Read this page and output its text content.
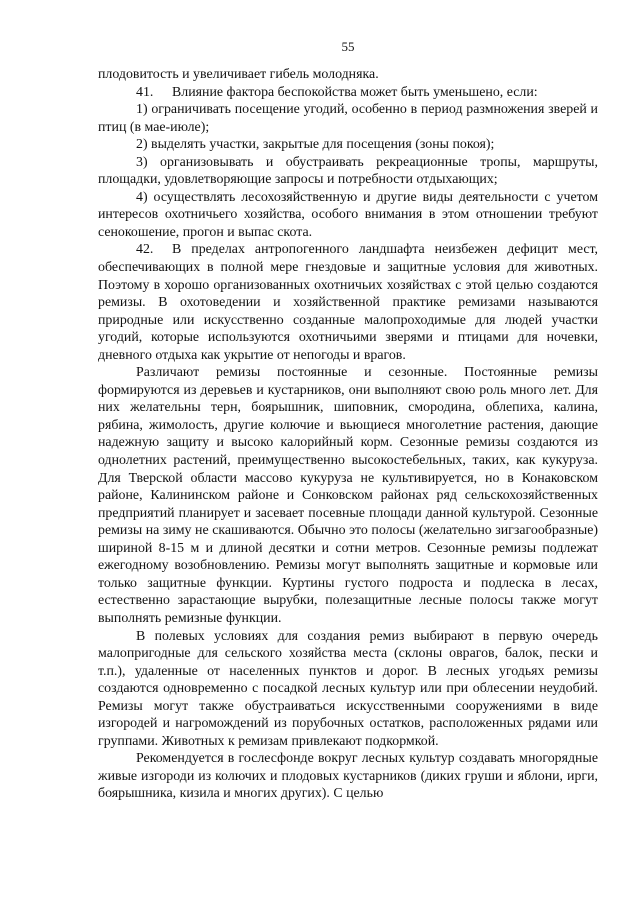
55

плодовитость и увеличивает гибель молодняка.

41. Влияние фактора беспокойства может быть уменьшено, если:

1) ограничивать посещение угодий, особенно в период размножения зверей и птиц (в мае-июле);

2) выделять участки, закрытые для посещения (зоны покоя);

3) организовывать и обустраивать рекреационные тропы, маршруты, площадки, удовлетворяющие запросы и потребности отдыхающих;

4) осуществлять лесохозяйственную и другие виды деятельности с учетом интересов охотничьего хозяйства, особого внимания в этом отношении требуют сенокошение, прогон и выпас скота.

42. В пределах антропогенного ландшафта неизбежен дефицит мест, обеспечивающих в полной мере гнездовые и защитные условия для животных. Поэтому в хорошо организованных охотничьих хозяйствах с этой целью создаются ремизы. В охотоведении и хозяйственной практике ремизами называются природные или искусственно созданные малопроходимые для людей участки угодий, которые используются охотничьими зверями и птицами для ночевки, дневного отдыха как укрытие от непогоды и врагов.

Различают ремизы постоянные и сезонные. Постоянные ремизы формируются из деревьев и кустарников, они выполняют свою роль много лет. Для них желательны терн, боярышник, шиповник, смородина, облепиха, калина, рябина, жимолость, другие колючие и вьющиеся многолетние растения, дающие надежную защиту и высоко калорийный корм. Сезонные ремизы создаются из однолетних растений, преимущественно высокостебельных, таких, как кукуруза. Для Тверской области массово кукуруза не культивируется, но в Конаковском районе, Калининском районе и Сонковском районах ряд сельскохозяйственных предприятий планирует и засевает посевные площади данной культурой. Сезонные ремизы на зиму не скашиваются. Обычно это полосы (желательно зигзагообразные) шириной 8-15 м и длиной десятки и сотни метров. Сезонные ремизы подлежат ежегодному возобновлению. Ремизы могут выполнять защитные и кормовые или только защитные функции. Куртины густого подроста и подлеска в лесах, естественно зарастающие вырубки, полезащитные лесные полосы также могут выполнять ремизные функции.

В полевых условиях для создания ремиз выбирают в первую очередь малопригодные для сельского хозяйства места (склоны оврагов, балок, пески и т.п.), удаленные от населенных пунктов и дорог. В лесных угодьях ремизы создаются одновременно с посадкой лесных культур или при облесении неудобий. Ремизы могут также обустраиваться искусственными сооружениями в виде изгородей и нагромождений из порубочных остатков, расположенных рядами или группами. Животных к ремизам привлекают подкормкой.

Рекомендуется в гослесфонде вокруг лесных культур создавать многорядные живые изгороди из колючих и плодовых кустарников (диких груши и яблони, ирги, боярышника, кизила и многих других). С целью
